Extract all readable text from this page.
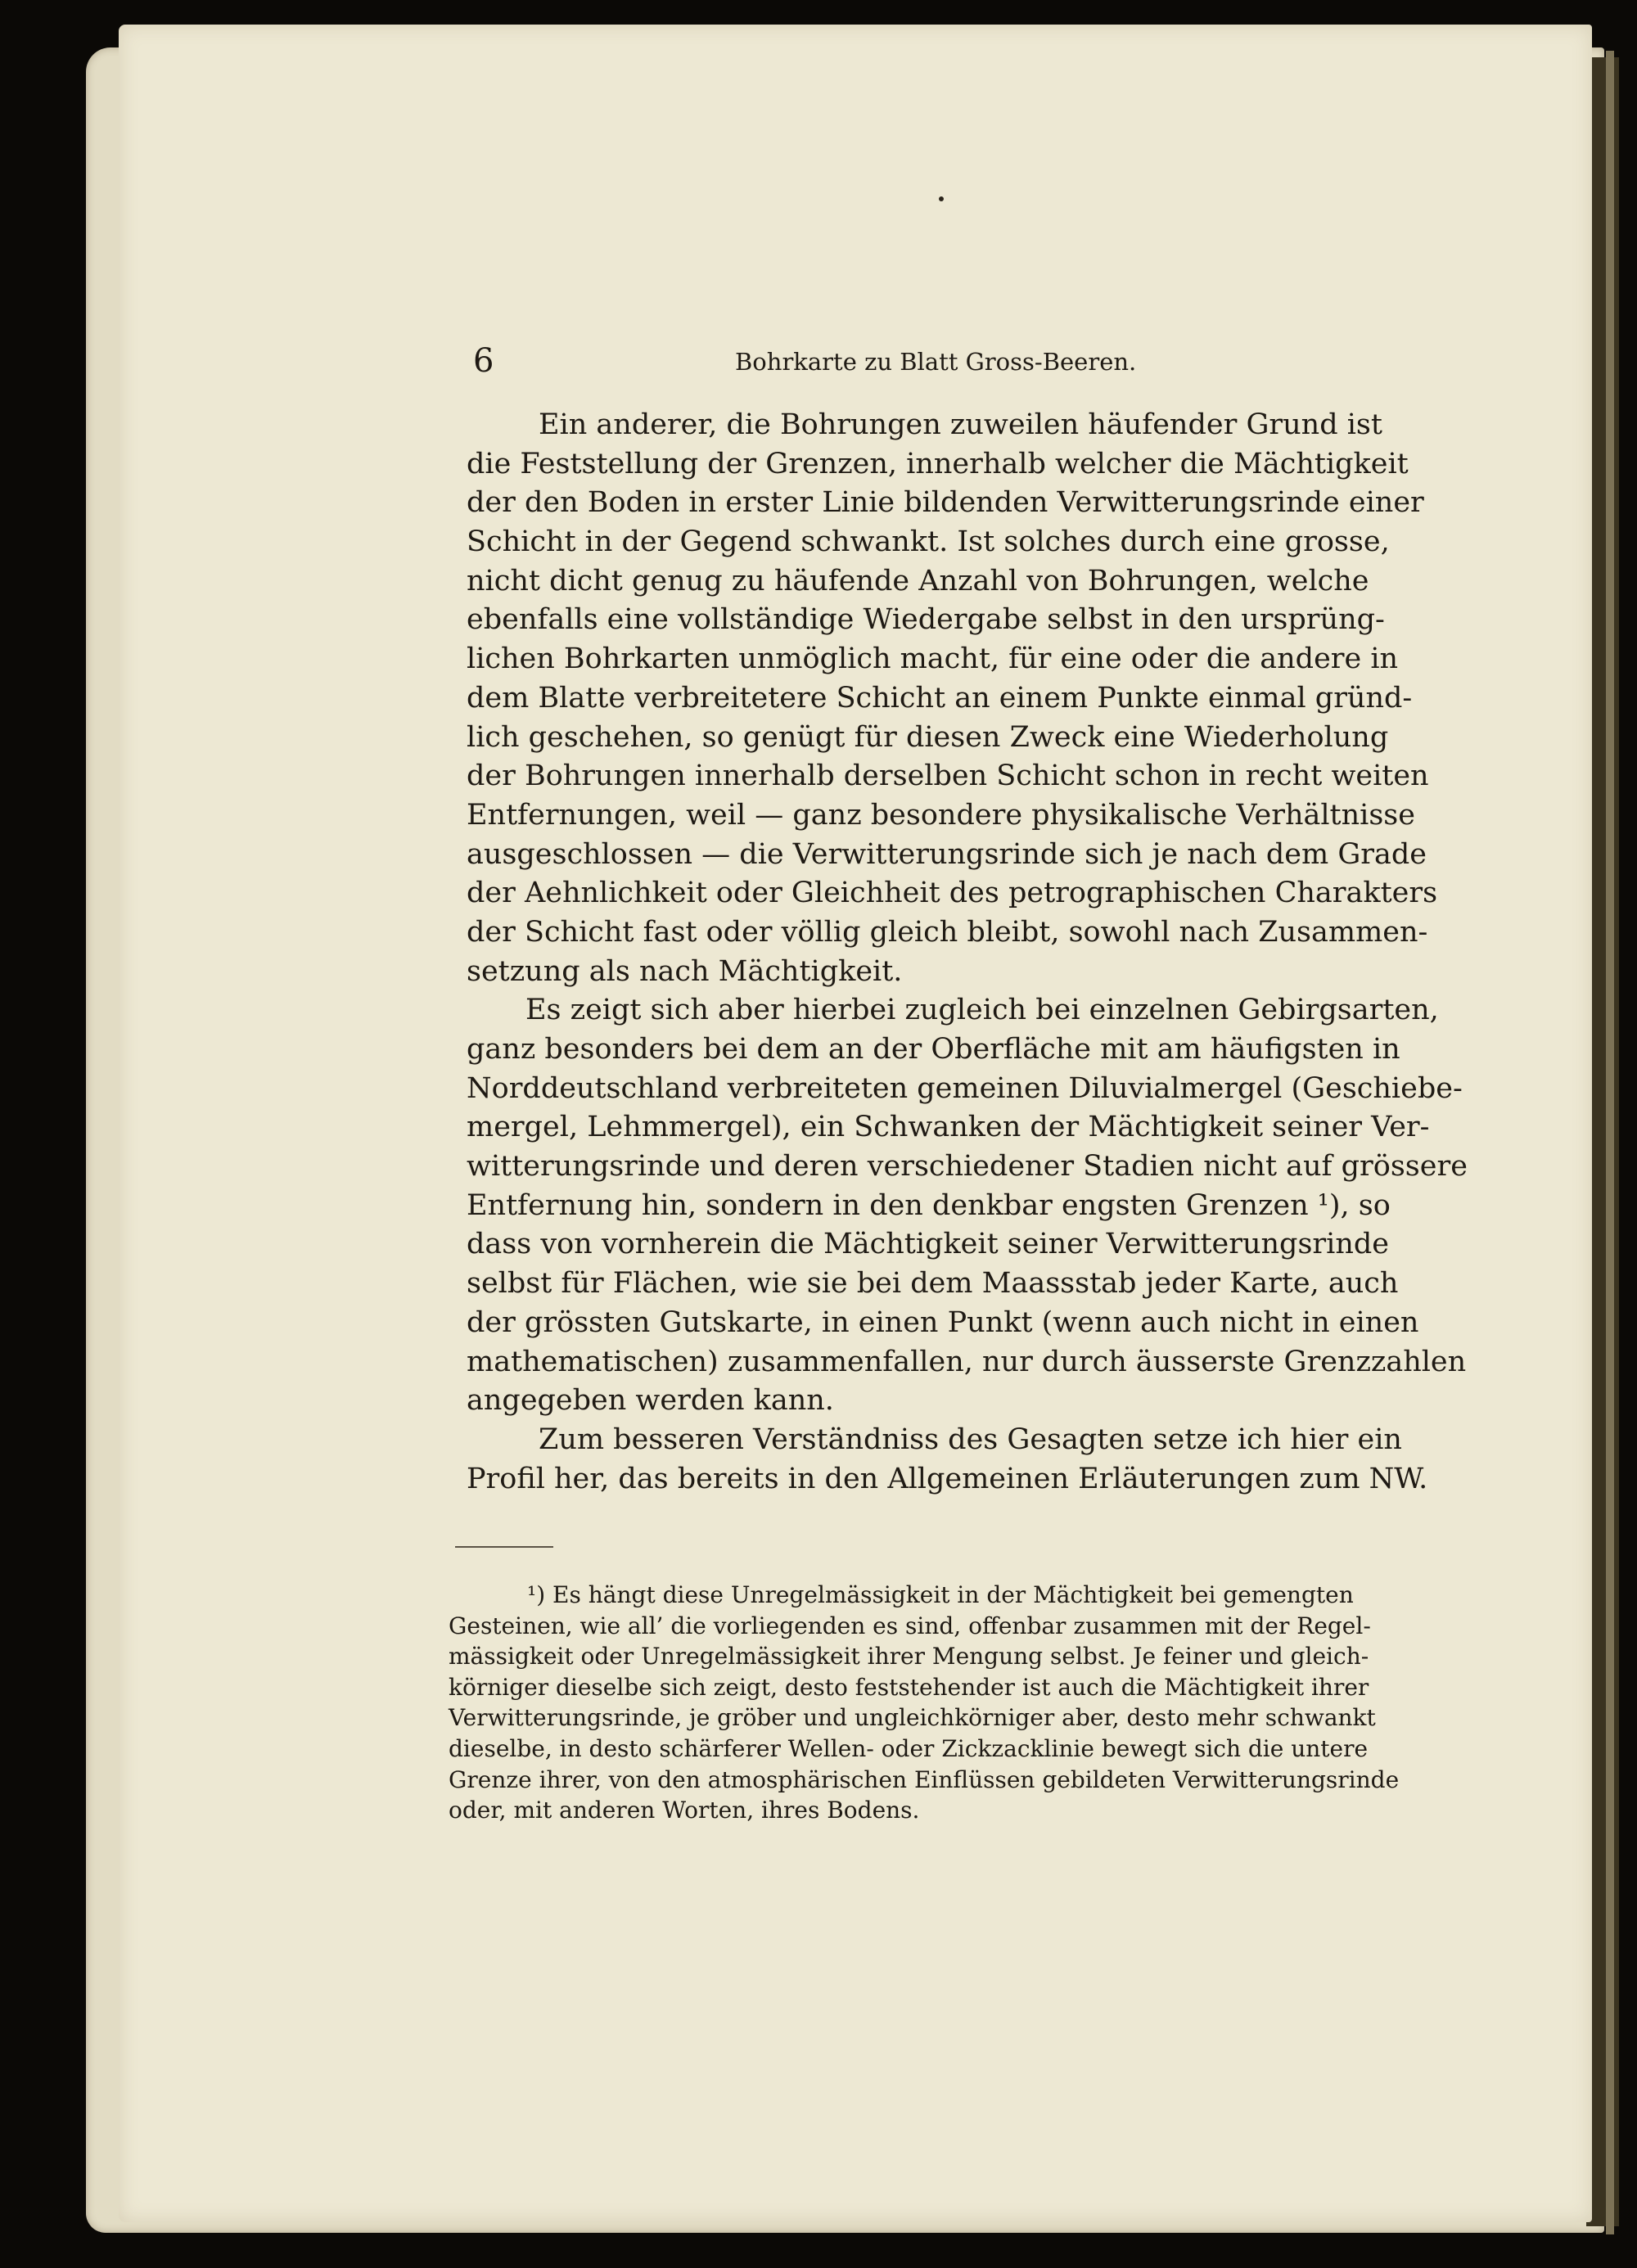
6	Bohrkarte zu Blatt Gross-Beeren.
Ein anderer, die Bohrungen zuweilen häufender Grund ist
die Feststellung der Grenzen, innerhalb welcher die Mächtigkeit
der den Boden in erster Linie bildenden Verwitterungsrinde einer
Schicht in der Gegend schwankt. Ist solches durch eine grosse,
nicht dicht genug zu häufende Anzahl von Bohrungen, welche
ebenfalls eine vollständige Wiedergabe selbst in den ursprüng-
lichen Bohrkarten unmöglich macht, für eine oder die andere in
dem Blatte verbreitetere Schicht an einem Punkte einmal gründ-
lich geschehen, so genügt für diesen Zweck eine Wiederholung
der Bohrungen innerhalb derselben Schicht schon in recht weiten
Entfernungen, weil — ganz besondere physikalische Verhältnisse
ausgeschlossen — die Verwitterungsrinde sich je nach dem Grade
der Aehnlichkeit oder Gleichheit des petrographischen Charakters
der Schicht fast oder völlig gleich bleibt, sowohl nach Zusammen-
setzung als nach Mächtigkeit.
Es zeigt sich aber hierbei zugleich bei einzelnen Gebirgsarten,
ganz besonders bei dem an der Oberfläche mit am häufigsten in
Norddeutschland verbreiteten gemeinen Diluvialmergel (Geschiebe-
mergel, Lehmmergel), ein Schwanken der Mächtigkeit seiner Ver-
witterungsrinde und deren verschiedener Stadien nicht auf grössere
Entfernung hin, sondern in den denkbar engsten Grenzen ¹), so
dass von vornherein die Mächtigkeit seiner Verwitterungsrinde
selbst für Flächen, wie sie bei dem Maassstab jeder Karte, auch
der grössten Gutskarte, in einen Punkt (wenn auch nicht in einen
mathematischen) zusammenfallen, nur durch äusserste Grenzzahlen
angegeben werden kann.
Zum besseren Verständniss des Gesagten setze ich hier ein
Profil her, das bereits in den Allgemeinen Erläuterungen zum NW.
¹) Es hängt diese Unregelmässigkeit in der Mächtigkeit bei gemengten
Gesteinen, wie all’ die vorliegenden es sind, offenbar zusammen mit der Regel-
mässigkeit oder Unregelmässigkeit ihrer Mengung selbst. Je feiner und gleich-
körniger dieselbe sich zeigt, desto feststehender ist auch die Mächtigkeit ihrer
Verwitterungsrinde, je gröber und ungleichkörniger aber, desto mehr schwankt
dieselbe, in desto schärferer Wellen- oder Zickzacklinie bewegt sich die untere
Grenze ihrer, von den atmosphärischen Einflüssen gebildeten Verwitterungsrinde
oder, mit anderen Worten, ihres Bodens.
